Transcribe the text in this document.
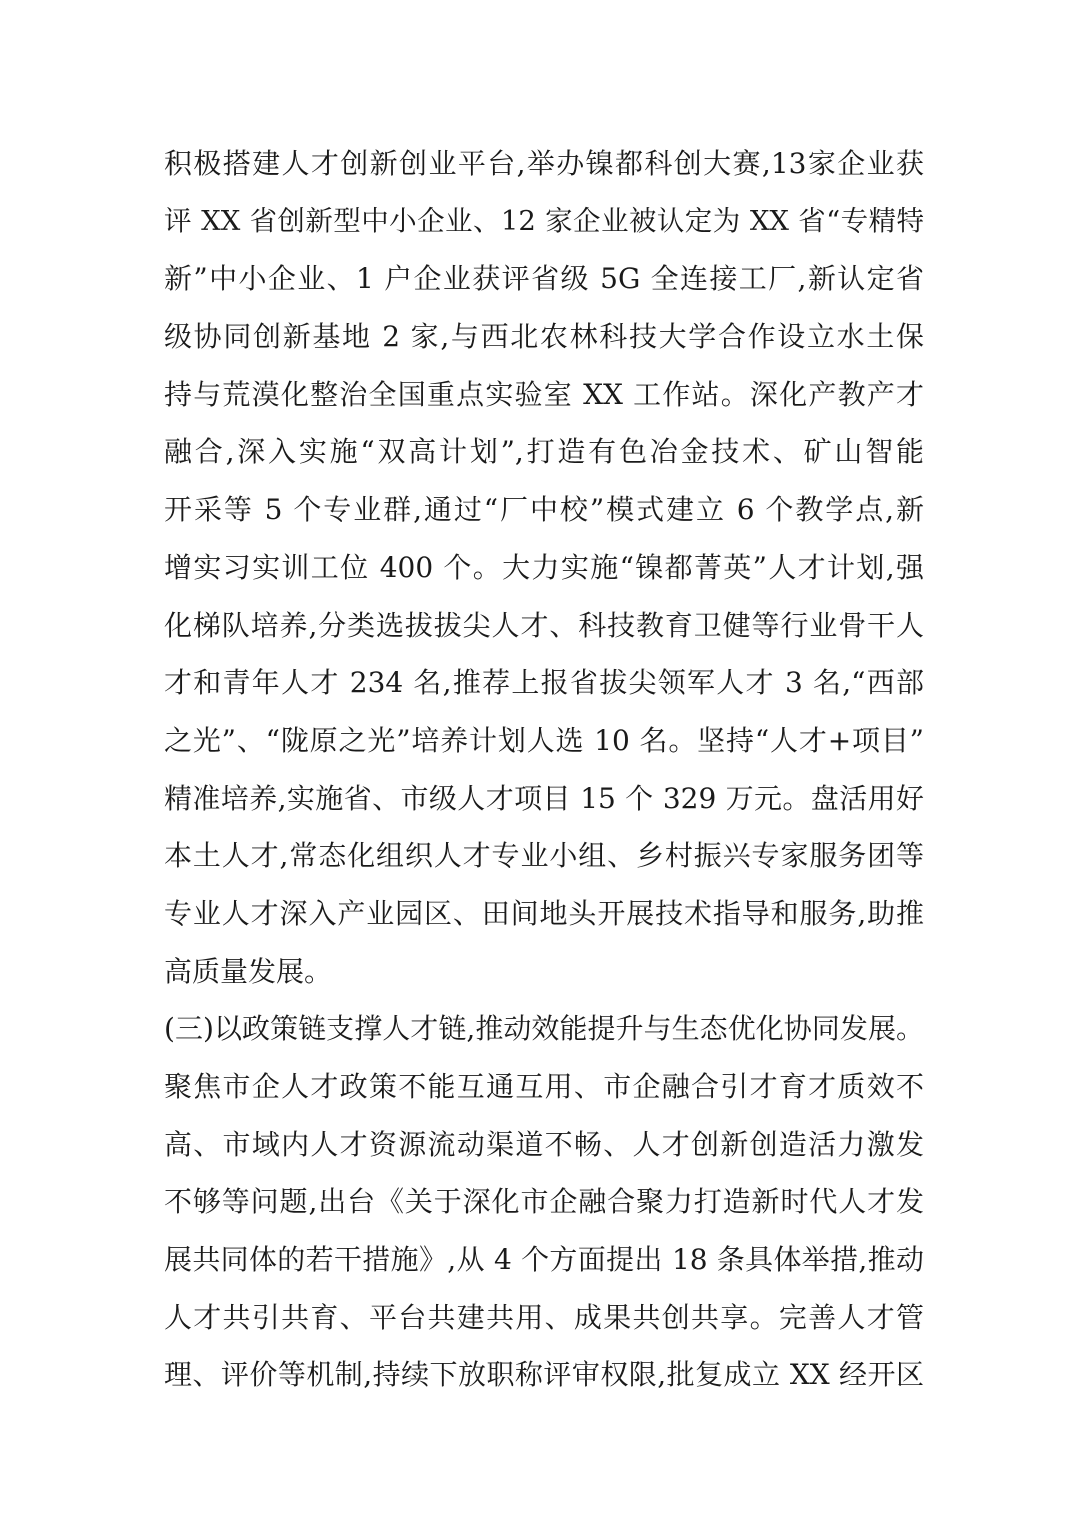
积极搭建人才创新创业平台,举办镍都科创大赛,13家企业获
评 XX 省创新型中小企业、12 家企业被认定为 XX 省“专精特
新”中小企业、1 户企业获评省级 5G 全连接工厂,新认定省
级协同创新基地 2 家,与西北农林科技大学合作设立水土保
持与荒漠化整治全国重点实验室 XX 工作站。深化产教产才
融合,深入实施“双高计划”,打造有色冶金技术、矿山智能
开采等 5 个专业群,通过“厂中校”模式建立 6 个教学点,新
增实习实训工位 400 个。大力实施“镍都菁英”人才计划,强
化梯队培养,分类选拔拔尖人才、科技教育卫健等行业骨干人
才和青年人才 234 名,推荐上报省拔尖领军人才 3 名,“西部
之光”、“陇原之光”培养计划人选 10 名。坚持“人才+项目”
精准培养,实施省、市级人才项目 15 个 329 万元。盘活用好
本土人才,常态化组织人才专业小组、乡村振兴专家服务团等
专业人才深入产业园区、田间地头开展技术指导和服务,助推
高质量发展。
(三)以政策链支撑人才链,推动效能提升与生态优化协同发展。
聚焦市企人才政策不能互通互用、市企融合引才育才质效不
高、市域内人才资源流动渠道不畅、人才创新创造活力激发
不够等问题,出台《关于深化市企融合聚力打造新时代人才发
展共同体的若干措施》,从 4 个方面提出 18 条具体举措,推动
人才共引共育、平台共建共用、成果共创共享。完善人才管
理、评价等机制,持续下放职称评审权限,批复成立 XX 经开区
